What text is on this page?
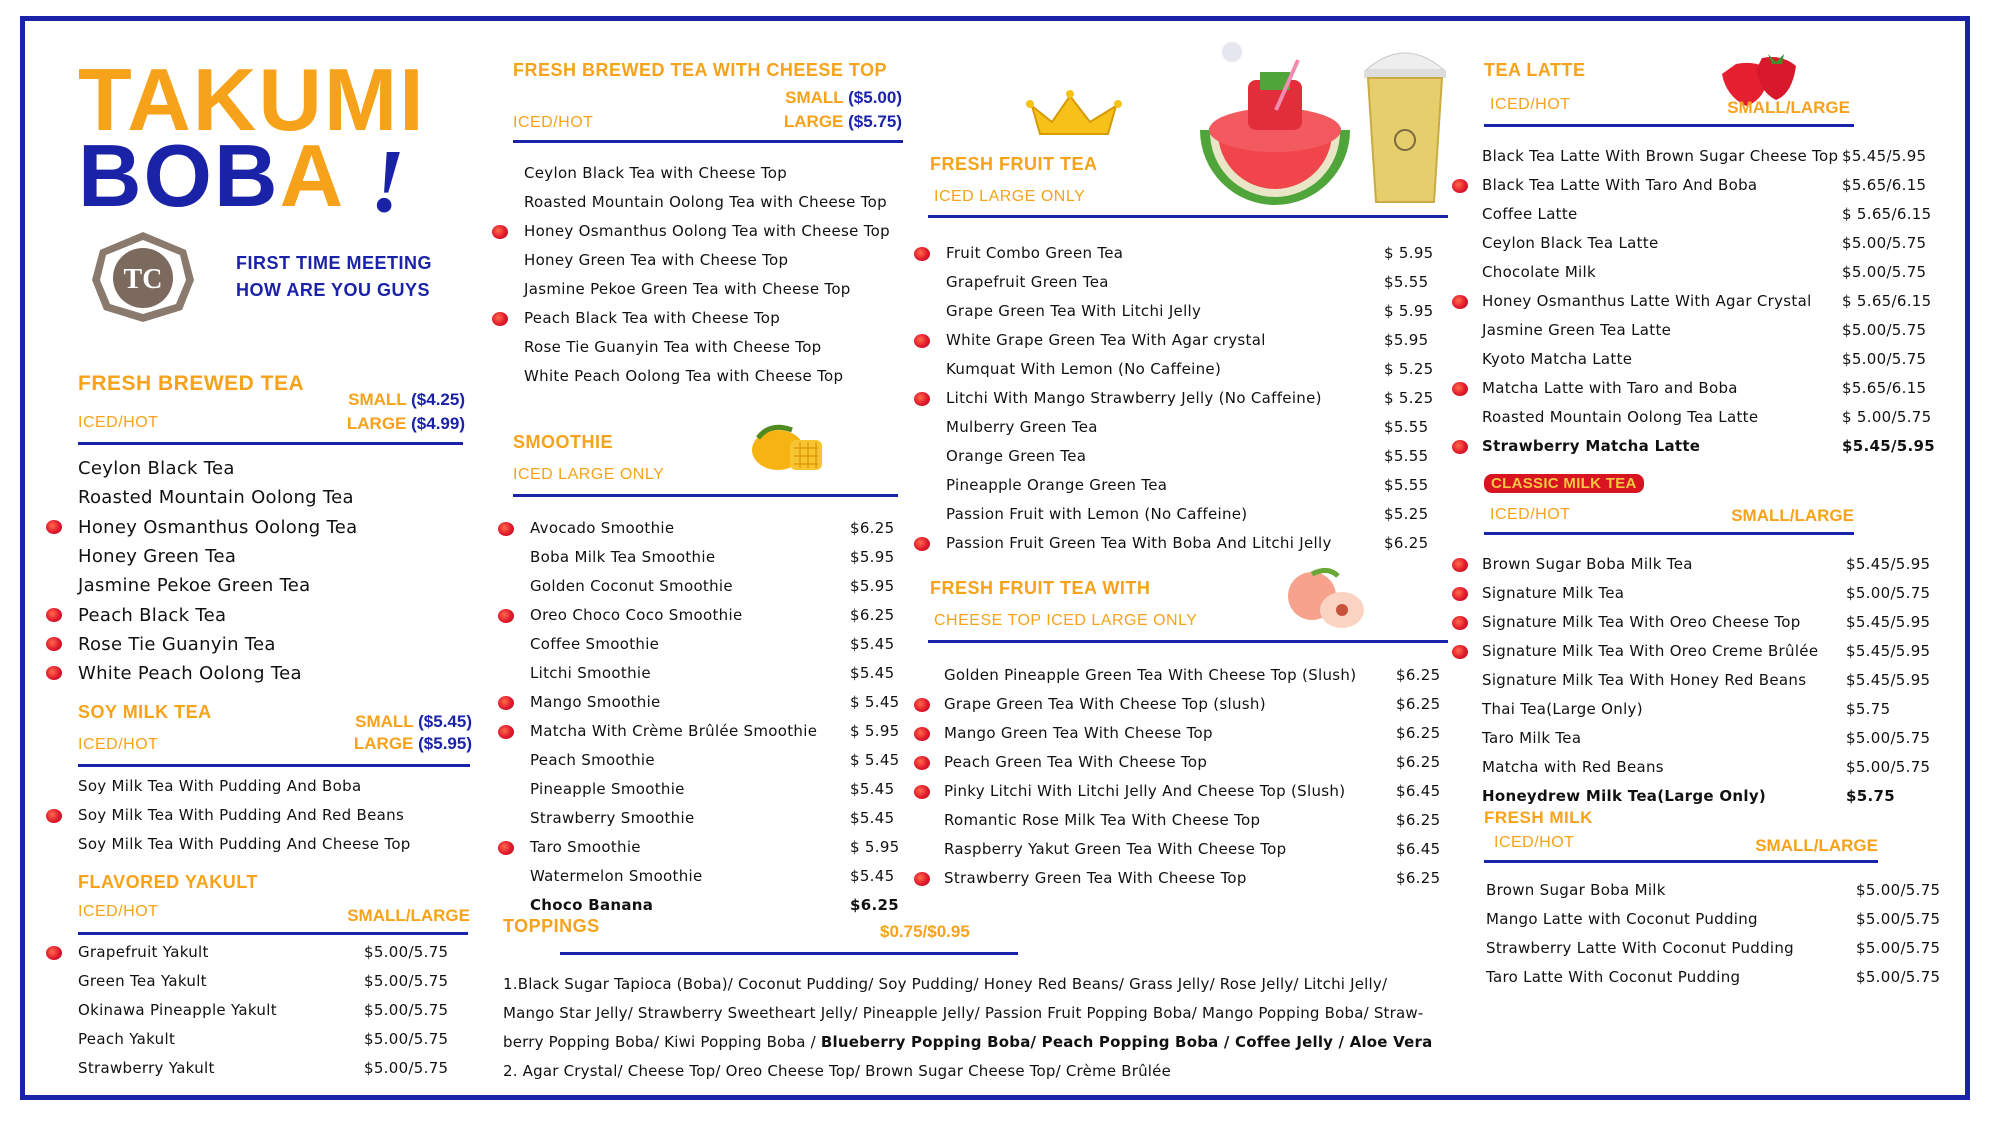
TAKUMI
BOBA !
TC
FIRST TIME MEETING
HOW ARE YOU GUYS
FRESH BREWED TEA
SMALL ($4.25)
ICED/HOT	LARGE ($4.99)
Ceylon Black Tea
Roasted Mountain Oolong Tea
Honey Osmanthus Oolong Tea
Honey Green Tea
Jasmine Pekoe Green Tea
Peach Black Tea
Rose Tie Guanyin Tea
White Peach Oolong Tea
SOY MILK TEA	SMALL ($5.45)
ICED/HOT	LARGE ($5.95)
Soy Milk Tea With Pudding And Boba
Soy Milk Tea With Pudding And Red Beans
Soy Milk Tea With Pudding And Cheese Top
FLAVORED YAKULT
ICED/HOT	SMALL/LARGE
Grapefruit Yakult	$5.00/5.75
Green Tea Yakult	$5.00/5.75
Okinawa Pineapple Yakult	$5.00/5.75
Peach Yakult	$5.00/5.75
Strawberry Yakult	$5.00/5.75
FRESH BREWED TEA WITH CHEESE TOP
SMALL ($5.00)
ICED/HOT	LARGE ($5.75)
Ceylon Black Tea with Cheese Top
Roasted Mountain Oolong Tea with Cheese Top
Honey Osmanthus Oolong Tea with Cheese Top
Honey Green Tea with Cheese Top
Jasmine Pekoe Green Tea with Cheese Top
Peach Black Tea with Cheese Top
Rose Tie Guanyin Tea with Cheese Top
White Peach Oolong Tea with Cheese Top
SMOOTHIE
ICED LARGE ONLY
Avocado Smoothie	$6.25
Boba Milk Tea Smoothie	$5.95
Golden Coconut Smoothie	$5.95
Oreo Choco Coco Smoothie	$6.25
Coffee Smoothie	$5.45
Litchi Smoothie	$5.45
Mango Smoothie	$ 5.45
Matcha With Crème Brûlée Smoothie $ 5.95
Peach Smoothie	$ 5.45
Pineapple Smoothie	$5.45
Strawberry Smoothie	$5.45
Taro Smoothie	$ 5.95
Watermelon Smoothie	$5.45
Choco Banana	$6.25
TOPPINGS	$0.75/$0.95
1.Black Sugar Tapioca (Boba)/ Coconut Pudding/ Soy Pudding/ Honey Red Beans/ Grass Jelly/ Rose Jelly/ Litchi Jelly/
Mango Star Jelly/ Strawberry Sweetheart Jelly/ Pineapple Jelly/ Passion Fruit Popping Boba/ Mango Popping Boba/ Straw-
berry Popping Boba/ Kiwi Popping Boba / Blueberry Popping Boba/ Peach Popping Boba / Coffee Jelly / Aloe Vera
2. Agar Crystal/ Cheese Top/ Oreo Cheese Top/ Brown Sugar Cheese Top/ Crème Brûlée
FRESH FRUIT TEA
ICED LARGE ONLY
Fruit Combo Green Tea	$ 5.95
Grapefruit Green Tea	$5.55
Grape Green Tea With Litchi Jelly	$ 5.95
White Grape Green Tea With Agar crystal	$5.95
Kumquat With Lemon (No Caffeine)	$ 5.25
Litchi With Mango Strawberry Jelly (No Caffeine)	$ 5.25
Mulberry Green Tea	$5.55
Orange Green Tea	$5.55
Pineapple Orange Green Tea	$5.55
Passion Fruit with Lemon (No Caffeine)	$5.25
Passion Fruit Green Tea With Boba And Litchi Jelly	$6.25
FRESH FRUIT TEA WITH
CHEESE TOP ICED LARGE ONLY
Golden Pineapple Green Tea With Cheese Top (Slush)	$6.25
Grape Green Tea With Cheese Top (slush)	$6.25
Mango Green Tea With Cheese Top	$6.25
Peach Green Tea With Cheese Top	$6.25
Pinky Litchi With Litchi Jelly And Cheese Top (Slush)	$6.45
Romantic Rose Milk Tea With Cheese Top	$6.25
Raspberry Yakut Green Tea With Cheese Top	$6.45
Strawberry Green Tea With Cheese Top	$6.25
TEA LATTE
ICED/HOT	SMALL/LARGE
Black Tea Latte With Brown Sugar Cheese Top $5.45/5.95
Black Tea Latte With Taro And Boba	$5.65/6.15
Coffee Latte	$ 5.65/6.15
Ceylon Black Tea Latte	$5.00/5.75
Chocolate Milk	$5.00/5.75
Honey Osmanthus Latte With Agar Crystal $ 5.65/6.15
Jasmine Green Tea Latte	$5.00/5.75
Kyoto Matcha Latte	$5.00/5.75
Matcha Latte with Taro and Boba	$5.65/6.15
Roasted Mountain Oolong Tea Latte	$ 5.00/5.75
Strawberry Matcha Latte	$5.45/5.95
CLASSIC MILK TEA
ICED/HOT	SMALL/LARGE
Brown Sugar Boba Milk Tea	$5.45/5.95
Signature Milk Tea	$5.00/5.75
Signature Milk Tea With Oreo Cheese Top	$5.45/5.95
Signature Milk Tea With Oreo Creme Brûlée $5.45/5.95
Signature Milk Tea With Honey Red Beans	$5.45/5.95
Thai Tea(Large Only)	$5.75
Taro Milk Tea	$5.00/5.75
Matcha with Red Beans	$5.00/5.75
Honeydrew Milk Tea(Large Only)	$5.75
FRESH MILK
ICED/HOT	SMALL/LARGE
Brown Sugar Boba Milk	$5.00/5.75
Mango Latte with Coconut Pudding	$5.00/5.75
Strawberry Latte With Coconut Pudding	$5.00/5.75
Taro Latte With Coconut Pudding	$5.00/5.75
